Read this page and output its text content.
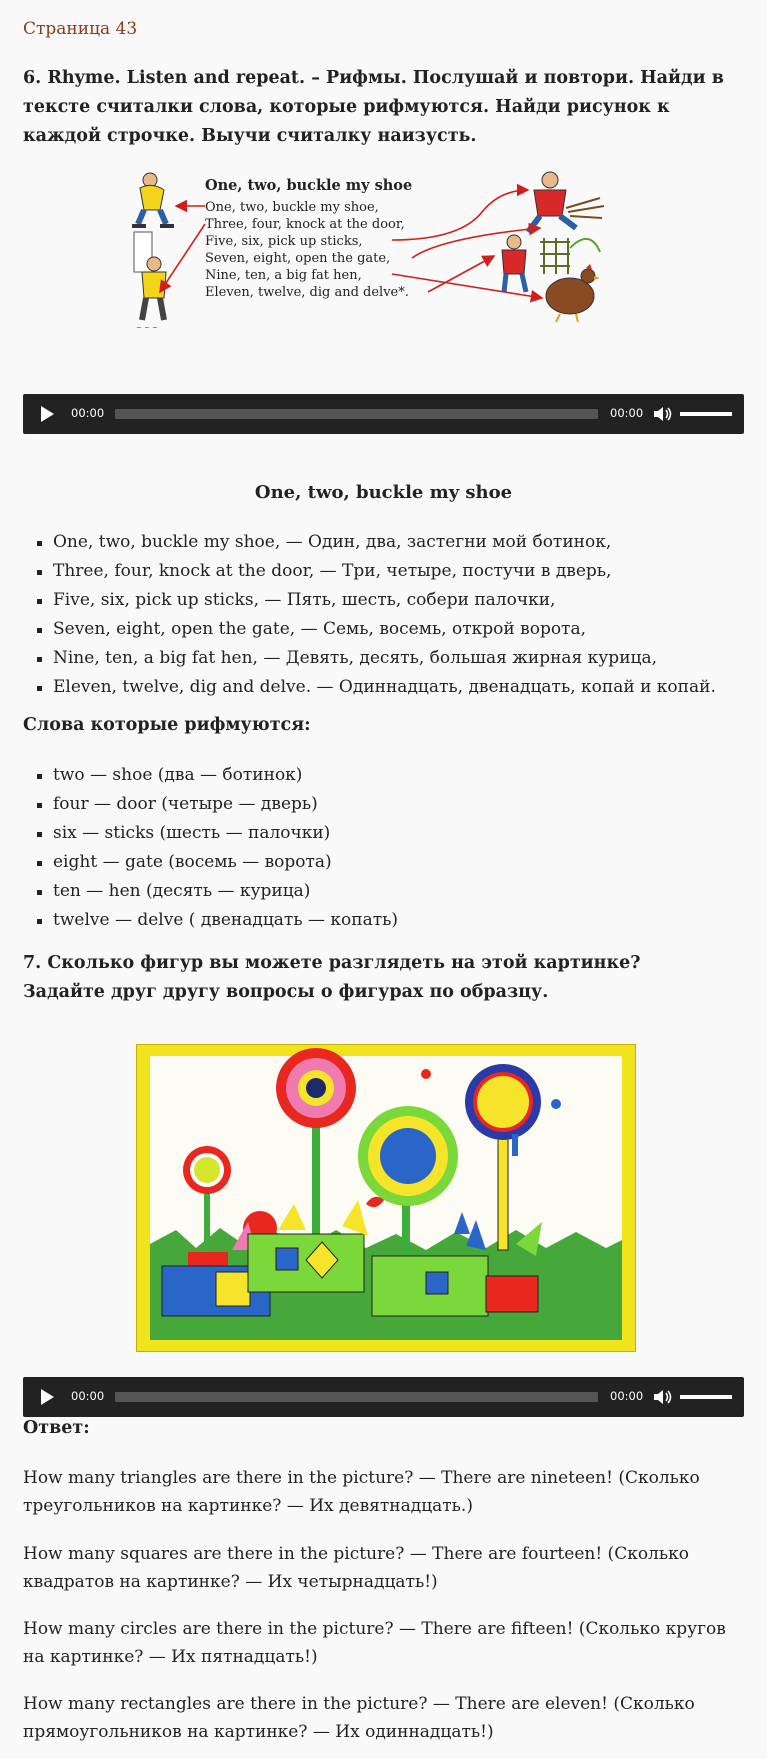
Страница 43
6. Rhyme. Listen and repeat. – Рифмы. Послушай и повтори. Найди в тексте считалки слова, которые рифмуются. Найди рисунок к каждой строчке. Выучи считалку наизусть.
~ ~ ~
One, two, buckle my shoe
One, two, buckle my shoe,
Three, four, knock at the door,
Five, six, pick up sticks,
Seven, eight, open the gate,
Nine, ten, a big fat hen,
Eleven, twelve, dig and delve*.
00:00	00:00
One, two, buckle my shoe
One, two, buckle my shoe, — Один, два, застегни мой ботинок,
Three, four, knock at the door, — Три, четыре, постучи в дверь,
Five, six, pick up sticks, — Пять, шесть, собери палочки,
Seven, eight, open the gate, — Семь, восемь, открой ворота,
Nine, ten, a big fat hen, — Девять, десять, большая жирная курица,
Eleven, twelve, dig and delve. — Одиннадцать, двенадцать, копай и копай.
Слова которые рифмуются:
two — shoe (два — ботинок)
four — door (четыре — дверь)
six — sticks (шесть — палочки)
eight — gate (восемь — ворота)
ten — hen (десять — курица)
twelve — delve ( двенадцать — копать)
7. Сколько фигур вы можете разглядеть на этой картинке? Задайте друг другу вопросы о фигурах по образцу.
00:00	00:00
Ответ:

How many triangles are there in the picture? — There are nineteen! (Сколько треугольников на картинке? — Их девятнадцать.)

How many squares are there in the picture? — There are fourteen! (Сколько квадратов на картинке? — Их четырнадцать!)

How many circles are there in the picture? — There are fifteen! (Сколько кругов на картинке? — Их пятнадцать!)

How many rectangles are there in the picture? — There are eleven! (Сколько прямоугольников на картинке? — Их одиннадцать!)
